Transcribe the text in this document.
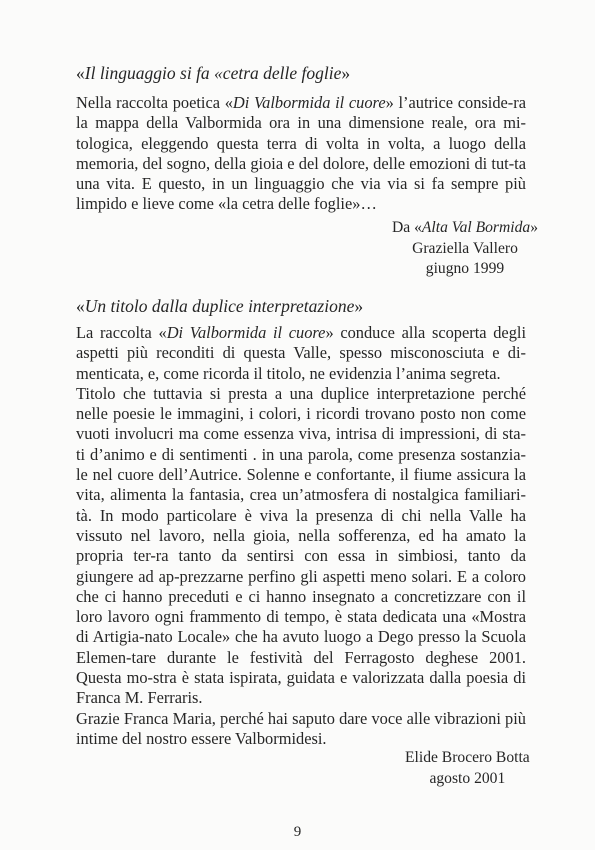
«Il linguaggio si fa «cetra delle foglie»

Nella raccolta poetica «Di Valbormida il cuore» l’autrice conside-ra la mappa della Valbormida ora in una dimensione reale, ora mi-tologica, eleggendo questa terra di volta in volta, a luogo della memoria, del sogno, della gioia e del dolore, delle emozioni di tut-ta una vita. E questo, in un linguaggio che via via si fa sempre più limpido e lieve come «la cetra delle foglie»…

Da «Alta Val Bormida»
Graziella Vallero
giugno 1999
«Un titolo dalla duplice interpretazione»

La raccolta «Di Valbormida il cuore» conduce alla scoperta degli aspetti più reconditi di questa Valle, spesso misconosciuta e di-menticata, e, come ricorda il titolo, ne evidenzia l’anima segreta.

Titolo che tuttavia si presta a una duplice interpretazione perché nelle poesie le immagini, i colori, i ricordi trovano posto non come vuoti involucri ma come essenza viva, intrisa di impressioni, di sta-ti d’animo e di sentimenti . in una parola, come presenza sostanzia-le nel cuore dell’Autrice. Solenne e confortante, il fiume assicura la vita, alimenta la fantasia, crea un’atmosfera di nostalgica familiari-tà. In modo particolare è viva la presenza di chi nella Valle ha vissuto nel lavoro, nella gioia, nella sofferenza, ed ha amato la propria ter-ra tanto da sentirsi con essa in simbiosi, tanto da giungere ad ap-prezzarne perfino gli aspetti meno solari. E a coloro che ci hanno preceduti e ci hanno insegnato a concretizzare con il loro lavoro ogni frammento di tempo, è stata dedicata una «Mostra di Artigia-nato Locale» che ha avuto luogo a Dego presso la Scuola Elemen-tare durante le festività del Ferragosto deghese 2001. Questa mo-stra è stata ispirata, guidata e valorizzata dalla poesia di Franca M. Ferraris.

Grazie Franca Maria, perché hai saputo dare voce alle vibrazioni più intime del nostro essere Valbormidesi.

Elide Brocero Botta
agosto 2001
9
